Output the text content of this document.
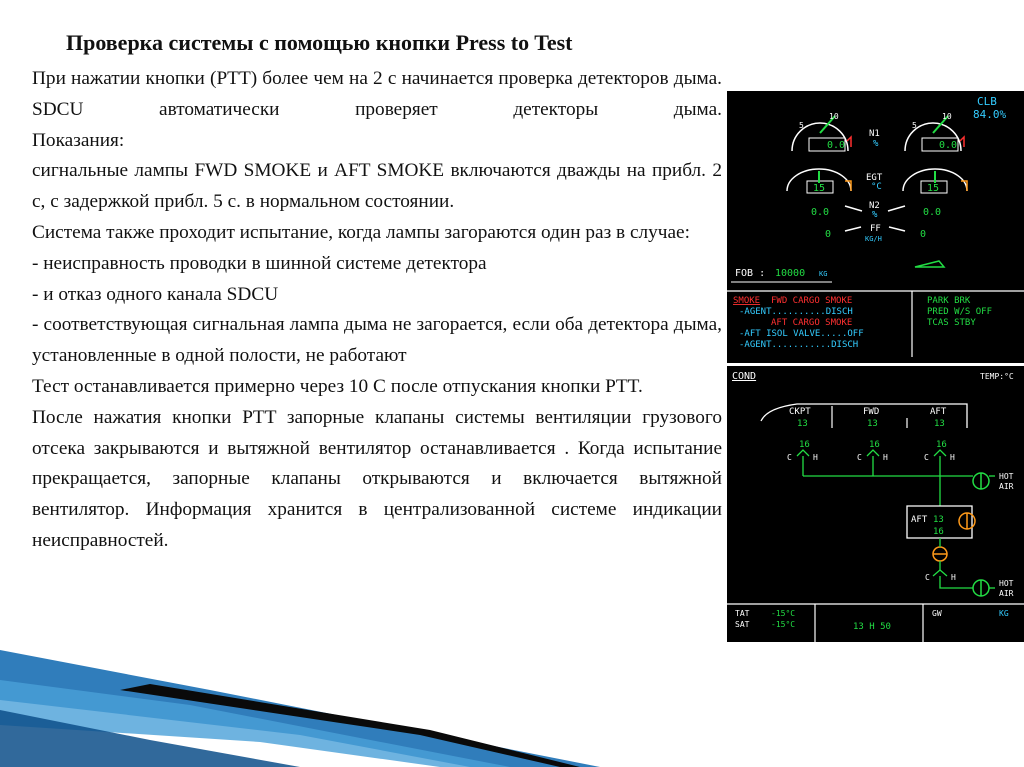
Проверка системы с помощью кнопки Press to Test

При нажатии кнопки (PTT) более чем на 2 с начинается проверка детекторов дыма. SDCU автоматически проверяет детекторы дыма.

Показания:

сигнальные лампы FWD SMOKE и AFT SMOKE включаются дважды на прибл. 2 с, с задержкой прибл. 5 с. в нормальном состоянии.

Система также проходит испытание, когда лампы загораются один раз в случае:

- неисправность проводки в шинной системе детектора

- и отказ одного канала SDCU

- соответствующая сигнальная лампа дыма не загорается, если оба детектора дыма, установленные в одной полости, не работают

Тест останавливается примерно через 10 С после отпускания кнопки PTT.

После нажатия кнопки PTT запорные клапаны системы вентиляции грузового отсека закрываются и вытяжной вентилятор останавливается . Когда испытание прекращается, запорные клапаны открываются и включается вытяжной вентилятор. Информация хранится в централизованной системе индикации неисправностей.

CLB
84.0%
5
10
0.0
5
10
0.0
N1
%
15	15
EGT
°C
0.0	0.0
N2
%
0	0
FF
KG/H
FOB : 10000 KG
SMOKE FWD CARGO SMOKE
-AGENT..........DISCH
AFT CARGO SMOKE
-AFT ISOL VALVE.....OFF
-AGENT...........DISCH
PARK BRK
PRED W/S OFF
TCAS STBY
COND	TEMP:°C
CKPT
13
FWD
13
AFT
13
16	16	16
C	H	C	H	C	H
HOT
AIR
AFT 13
16
C	H
HOT
AIR
TAT	-15°C
SAT	-15°C	13 H 50
GW	KG
